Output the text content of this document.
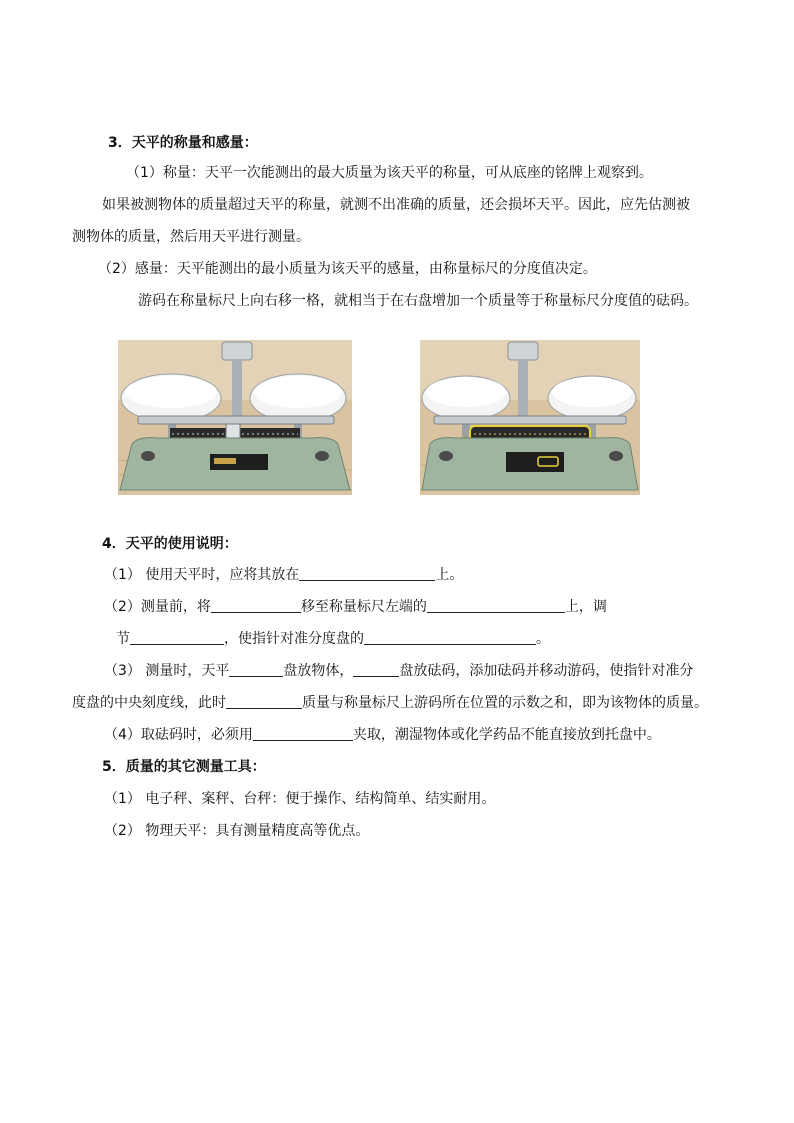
3．天平的称量和感量：
（1）称量：天平一次能测出的最大质量为该天平的称量，可从底座的铭牌上观察到。
如果被测物体的质量超过天平的称量，就测不出准确的质量，还会损坏天平。因此，应先估测被
测物体的质量，然后用天平进行测量。
（2）感量：天平能测出的最小质量为该天平的感量，由称量标尺的分度值决定。
游码在称量标尺上向右移一格，就相当于在右盘增加一个质量等于称量标尺分度值的砝码。
4．天平的使用说明：
（1） 使用天平时，应将其放在	上。
（2）测量前，将	移至称量标尺左端的	上，调
节	，使指针对准分度盘的	。
（3） 测量时，天平	盘放物体，	盘放砝码，添加砝码并移动游码，使指针对准分
度盘的中央刻度线，此时	质量与称量标尺上游码所在位置的示数之和，即为该物体的质量。
（4）取砝码时，必须用	夹取，潮湿物体或化学药品不能直接放到托盘中。
5．质量的其它测量工具：
（1） 电子秤、案秤、台秤：便于操作、结构简单、结实耐用。
（2） 物理天平：具有测量精度高等优点。
